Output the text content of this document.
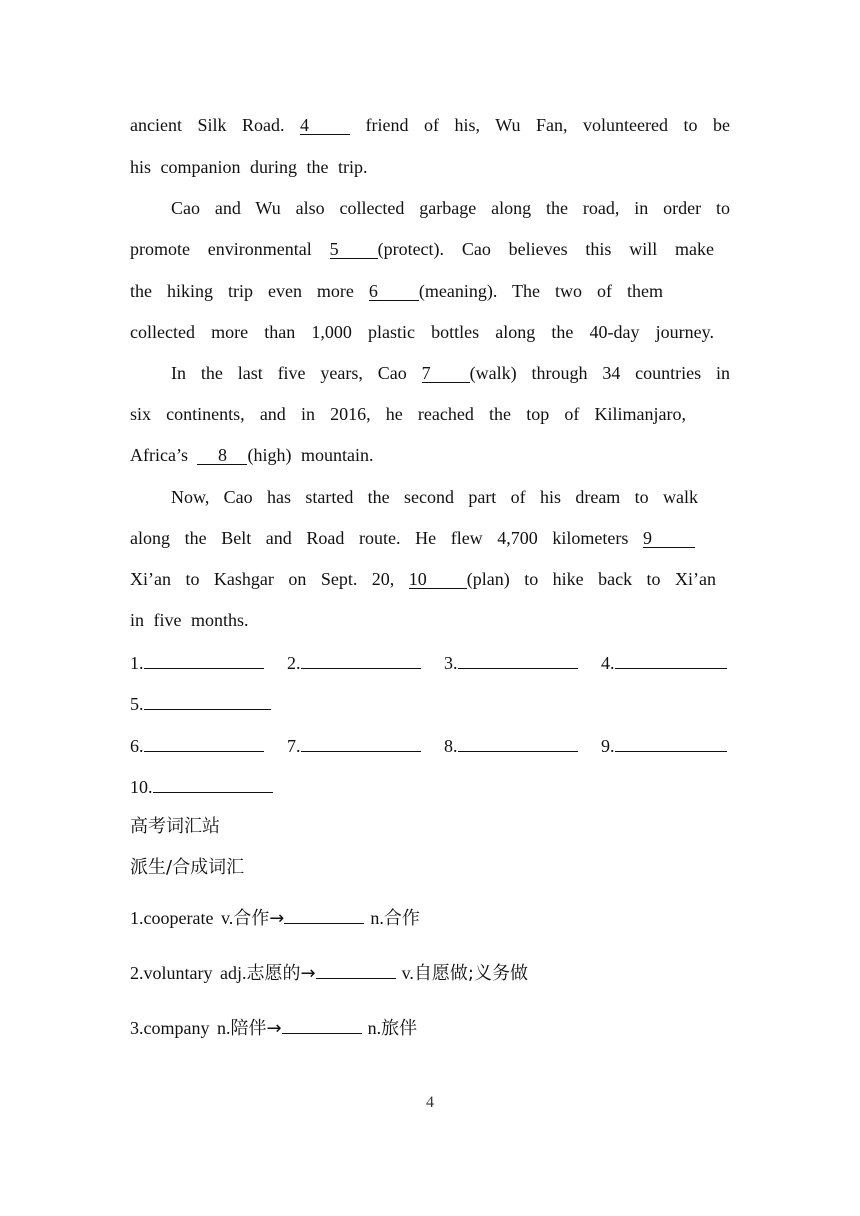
ancient Silk Road. 4	friend of his, Wu Fan, volunteered to be
his companion during the trip.
Cao and Wu also collected garbage along the road, in order to
promote environmental 5 (protect). Cao believes this will make
the hiking trip even more 6 (meaning). The two of them
collected more than 1,000 plastic bottles along the 40-day journey.
In the last five years, Cao 7 (walk) through 34 countries in
six continents, and in 2016, he reached the top of Kilimanjaro,
Africa’s 8 (high) mountain.
Now, Cao has started the second part of his dream to walk
along the Belt and Road route. He flew 4,700 kilometers 9
Xi’an to Kashgar on Sept. 20, 10 (plan) to hike back to Xi’an
in five months.
1.	2.	3.	4.
5.
6.	7.	8.	9.
10.
高考词汇站
派生/合成词汇
1.cooperate v.合作→	n.合作
2.voluntary adj.志愿的→	v.自愿做;义务做
3.company n.陪伴→	n.旅伴
4
